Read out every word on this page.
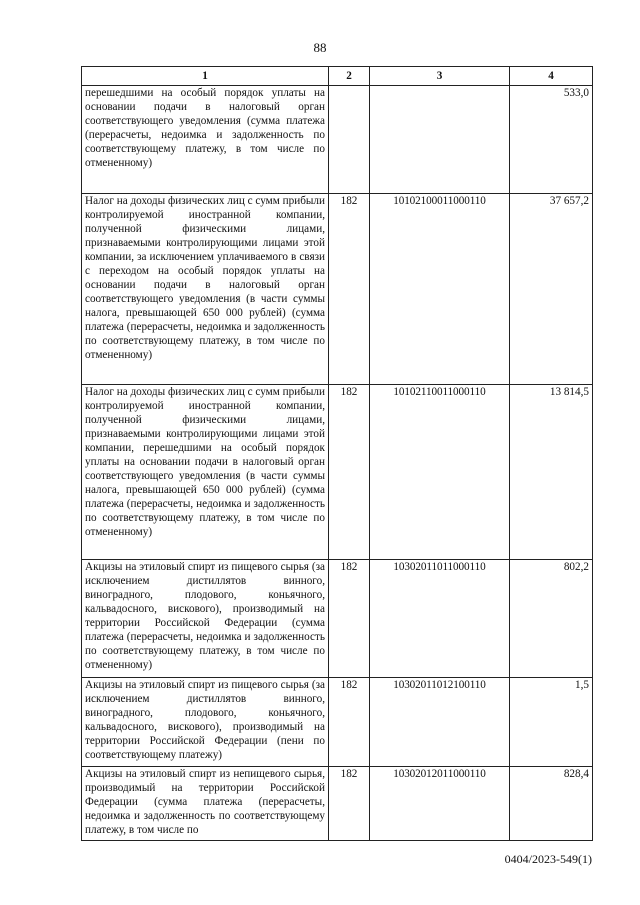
88
1	2	3	4
перешедшими на особый порядок уплаты на основании подачи в налоговый орган соответствующего уведомления (сумма платежа (перерасчеты, недоимка и задолженность по соответствующему платежу, в том числе по отмененному)			533,0
Налог на доходы физических лиц с сумм прибыли контролируемой иностранной компании, полученной физическими лицами, признаваемыми контролирующими лицами этой компании, за исключением уплачиваемого в связи с переходом на особый порядок уплаты на основании подачи в налоговый орган соответствующего уведомления (в части суммы налога, превышающей 650 000 рублей) (сумма платежа (перерасчеты, недоимка и задолженность по соответствующему платежу, в том числе по отмененному)	182	10102100011000110	37 657,2
Налог на доходы физических лиц с сумм прибыли контролируемой иностранной компании, полученной физическими лицами, признаваемыми контролирующими лицами этой компании, перешедшими на особый порядок уплаты на основании подачи в налоговый орган соответствующего уведомления (в части суммы налога, превышающей 650 000 рублей) (сумма платежа (перерасчеты, недоимка и задолженность по соответствующему платежу, в том числе по отмененному)	182	10102110011000110	13 814,5
Акцизы на этиловый спирт из пищевого сырья (за исключением дистиллятов винного, виноградного, плодового, коньячного, кальвадосного, вискового), производимый на территории Российской Федерации (сумма платежа (перерасчеты, недоимка и задолженность по соответствующему платежу, в том числе по отмененному)	182	10302011011000110	802,2
Акцизы на этиловый спирт из пищевого сырья (за исключением дистиллятов винного, виноградного, плодового, коньячного, кальвадосного, вискового), производимый на территории Российской Федерации (пени по соответствующему платежу)	182	10302011012100110	1,5
Акцизы на этиловый спирт из непищевого сырья, производимый на территории Российской Федерации (сумма платежа (перерасчеты, недоимка и задолженность по соответствующему платежу, в том числе по	182	10302012011000110	828,4
0404/2023-549(1)
